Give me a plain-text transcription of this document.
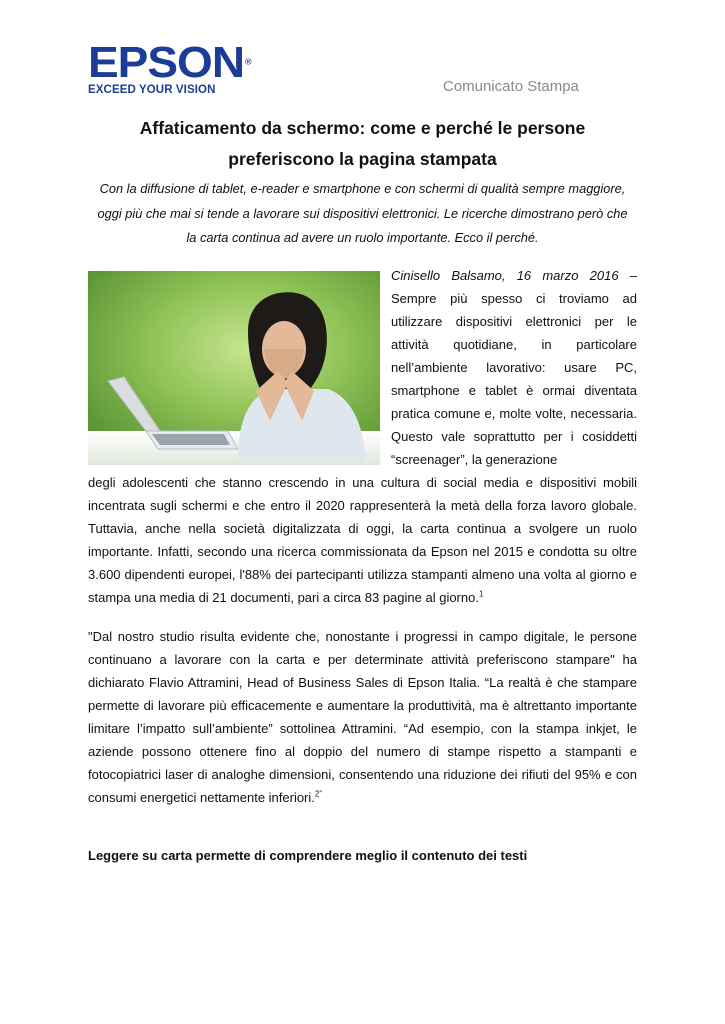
EPSON®
EXCEED YOUR VISION	Comunicato Stampa
Affaticamento da schermo: come e perché le persone preferiscono la pagina stampata

Con la diffusione di tablet, e-reader e smartphone e con schermi di qualità sempre maggiore, oggi più che mai si tende a lavorare sui dispositivi elettronici. Le ricerche dimostrano però che la carta continua ad avere un ruolo importante. Ecco il perché.

Cinisello Balsamo, 16 marzo 2016 – Sempre più spesso ci troviamo ad utilizzare dispositivi elettronici per le attività quotidiane, in particolare nell’ambiente lavorativo: usare PC, smartphone e tablet è ormai diventata pratica comune e, molte volte, necessaria. Questo vale soprattutto per i cosiddetti “screenager”, la generazione

degli adolescenti che stanno crescendo in una cultura di social media e dispositivi mobili incentrata sugli schermi e che entro il 2020 rappresenterà la metà della forza lavoro globale. Tuttavia, anche nella società digitalizzata di oggi, la carta continua a svolgere un ruolo importante. Infatti, secondo una ricerca commissionata da Epson nel 2015 e condotta su oltre 3.600 dipendenti europei, l'88% dei partecipanti utilizza stampanti almeno una volta al giorno e stampa una media di 21 documenti, pari a circa 83 pagine al giorno.$^1$

"Dal nostro studio risulta evidente che, nonostante i progressi in campo digitale, le persone continuano a lavorare con la carta e per determinate attività preferiscono stampare" ha dichiarato Flavio Attramini, Head of Business Sales di Epson Italia. “La realtà è che stampare permette di lavorare più efficacemente e aumentare la produttività, ma è altrettanto importante limitare l’impatto sull’ambiente” sottolinea Attramini. “Ad esempio, con la stampa inkjet, le aziende possono ottenere fino al doppio del numero di stampe rispetto a stampanti e fotocopiatrici laser di analoghe dimensioni, consentendo una riduzione dei rifiuti del 95% e con consumi energetici nettamente inferiori.$^{2”}$

Leggere su carta permette di comprendere meglio il contenuto dei testi
